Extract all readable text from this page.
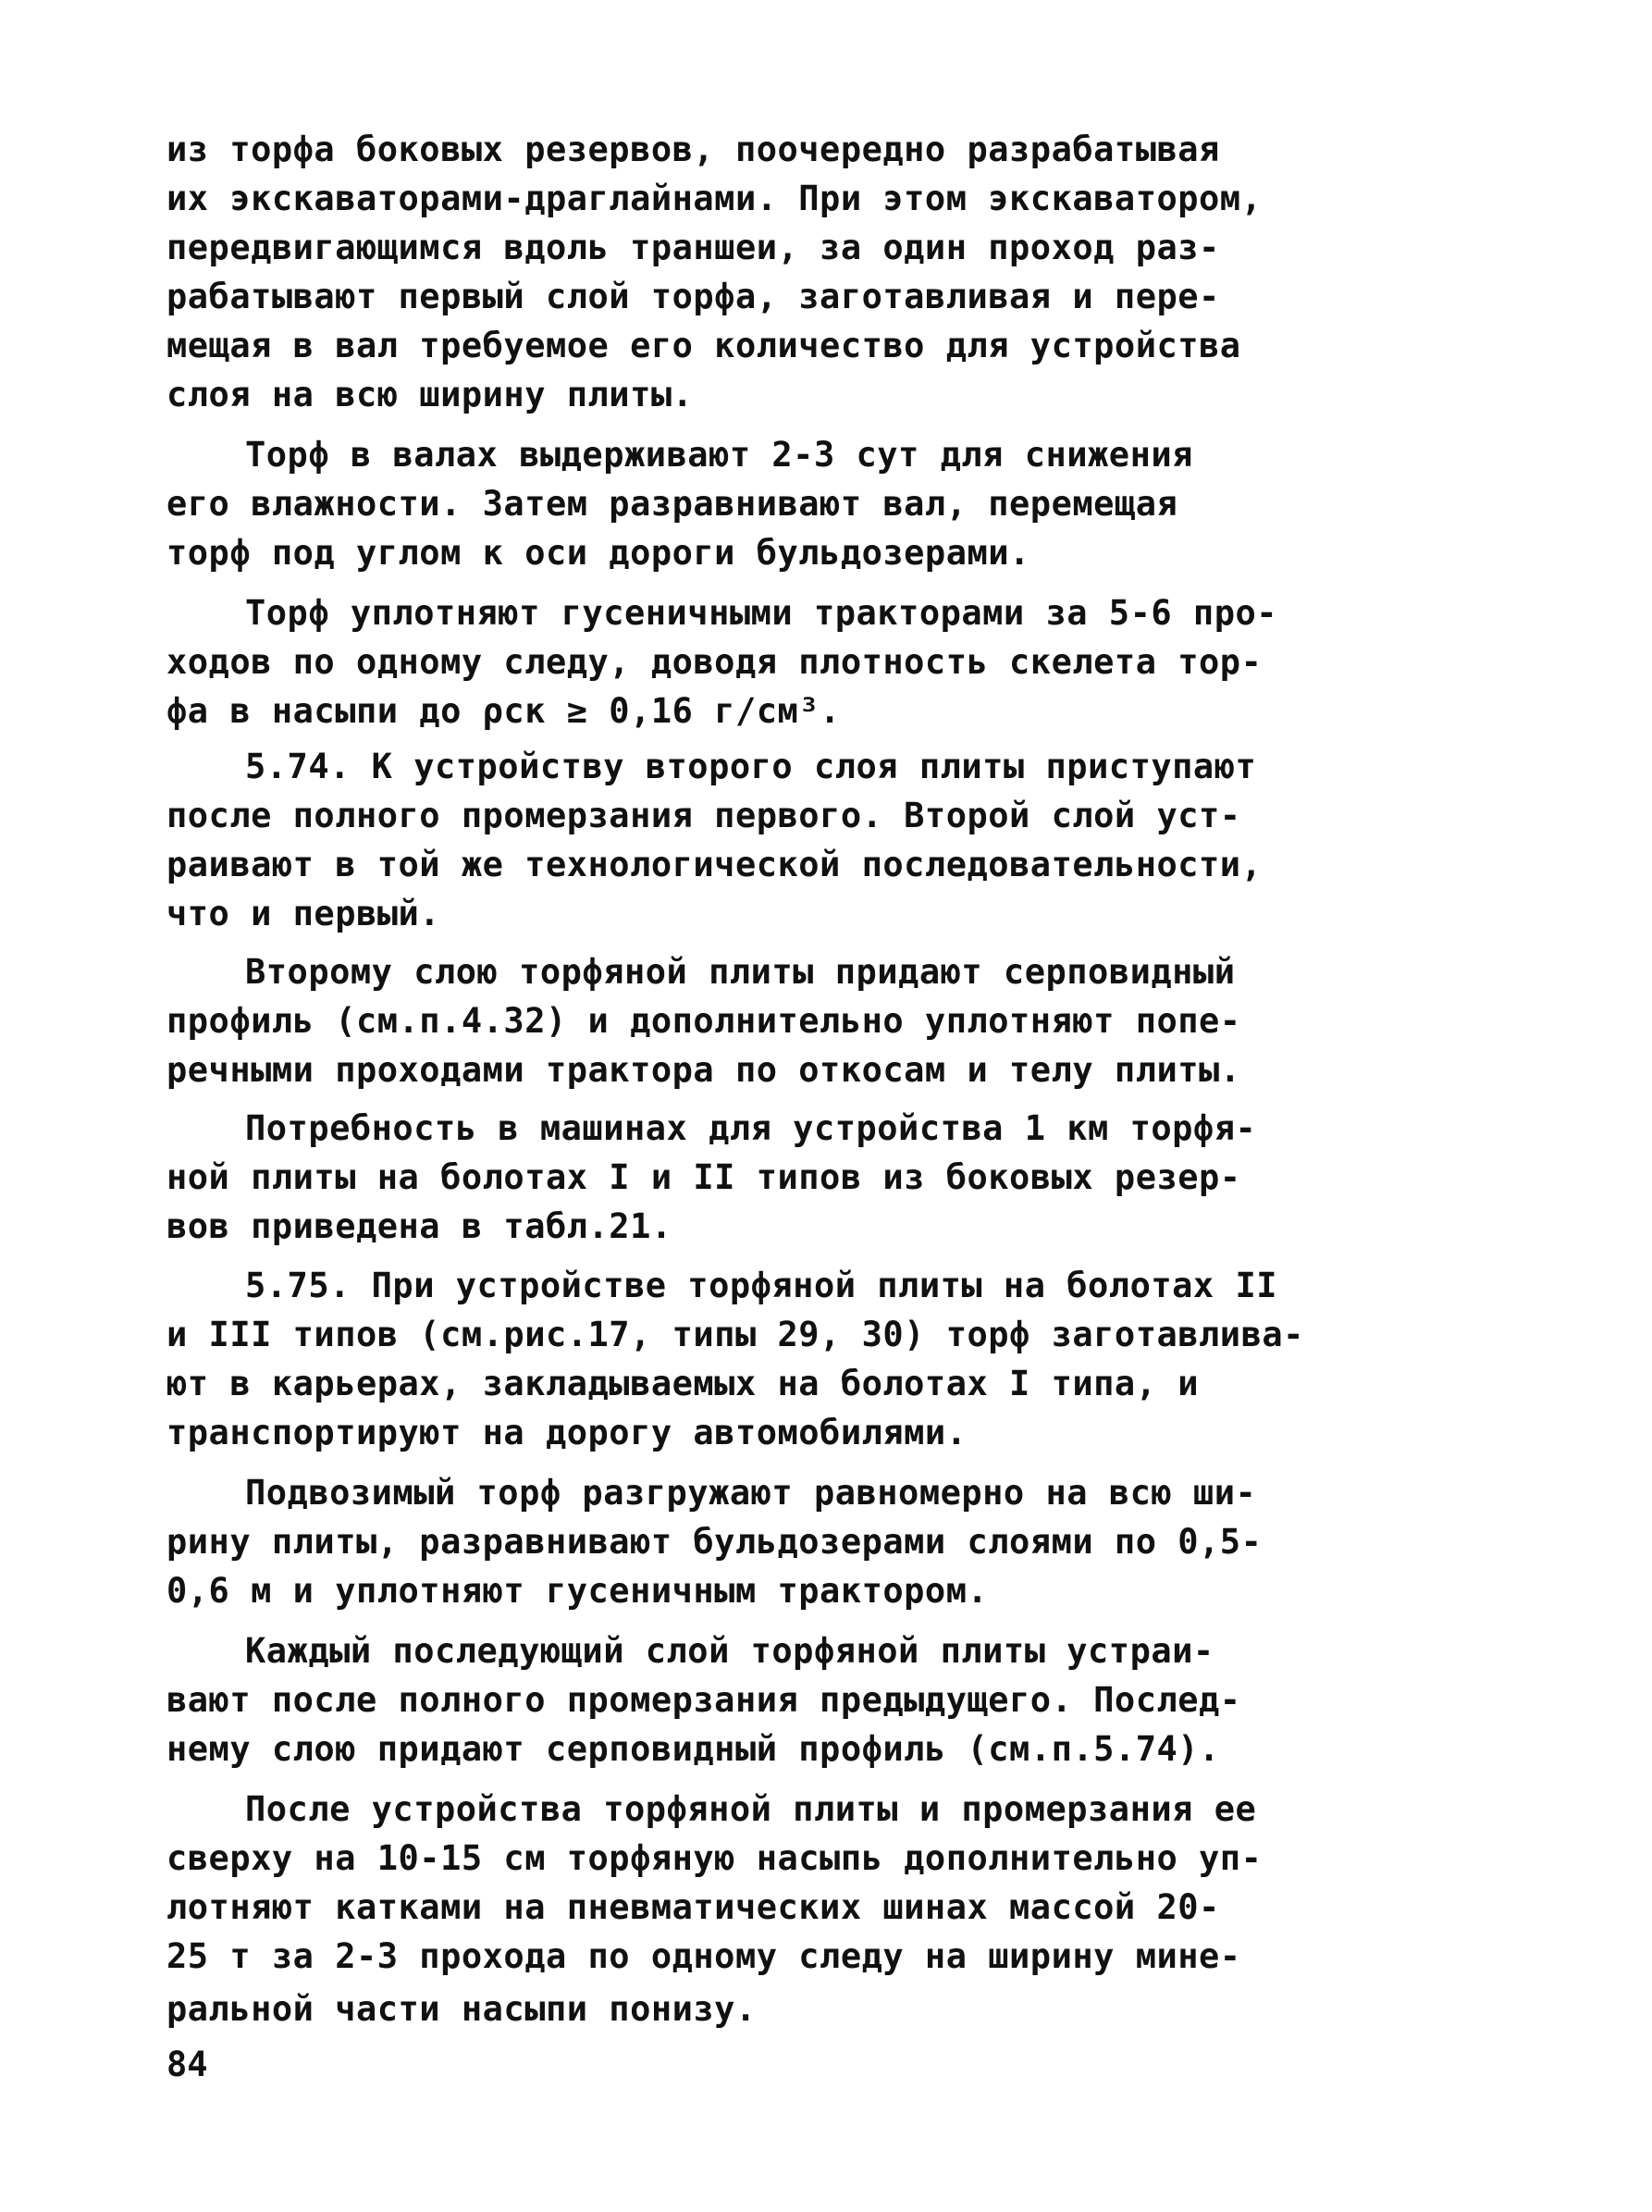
из торфа боковых резервов, поочередно разрабатывая
их экскаваторами-драглайнами. При этом экскаватором,
передвигающимся вдоль траншеи, за один проход раз-
рабатывают первый слой торфа, заготавливая и пере-
мещая в вал требуемое его количество для устройства
слоя на всю ширину плиты.
Торф в валах выдерживают 2-3 сут для снижения
его влажности. Затем разравнивают вал, перемещая
торф под углом к оси дороги бульдозерами.
Торф уплотняют гусеничными тракторами за 5-6 про-
ходов по одному следу, доводя плотность скелета тор-
фа в насыпи до ρск ≥ 0,16 г/см³.
5.74. К устройству второго слоя плиты приступают
после полного промерзания первого. Второй слой уст-
раивают в той же технологической последовательности,
что и первый.
Второму слою торфяной плиты придают серповидный
профиль (см.п.4.32) и дополнительно уплотняют попе-
речными проходами трактора по откосам и телу плиты.
Потребность в машинах для устройства 1 км торфя-
ной плиты на болотах I и II типов из боковых резер-
вов приведена в табл.21.
5.75. При устройстве торфяной плиты на болотах II
и III типов (см.рис.17, типы 29, 30) торф заготавлива-
ют в карьерах, закладываемых на болотах I типа, и
транспортируют на дорогу автомобилями.
Подвозимый торф разгружают равномерно на всю ши-
рину плиты, разравнивают бульдозерами слоями по 0,5-
0,6 м и уплотняют гусеничным трактором.
Каждый последующий слой торфяной плиты устраи-
вают после полного промерзания предыдущего. Послед-
нему слою придают серповидный профиль (см.п.5.74).
После устройства торфяной плиты и промерзания ее
сверху на 10-15 см торфяную насыпь дополнительно уп-
лотняют катками на пневматических шинах массой 20-
25 т за 2-3 прохода по одному следу на ширину мине-
ральной части насыпи понизу.
84
